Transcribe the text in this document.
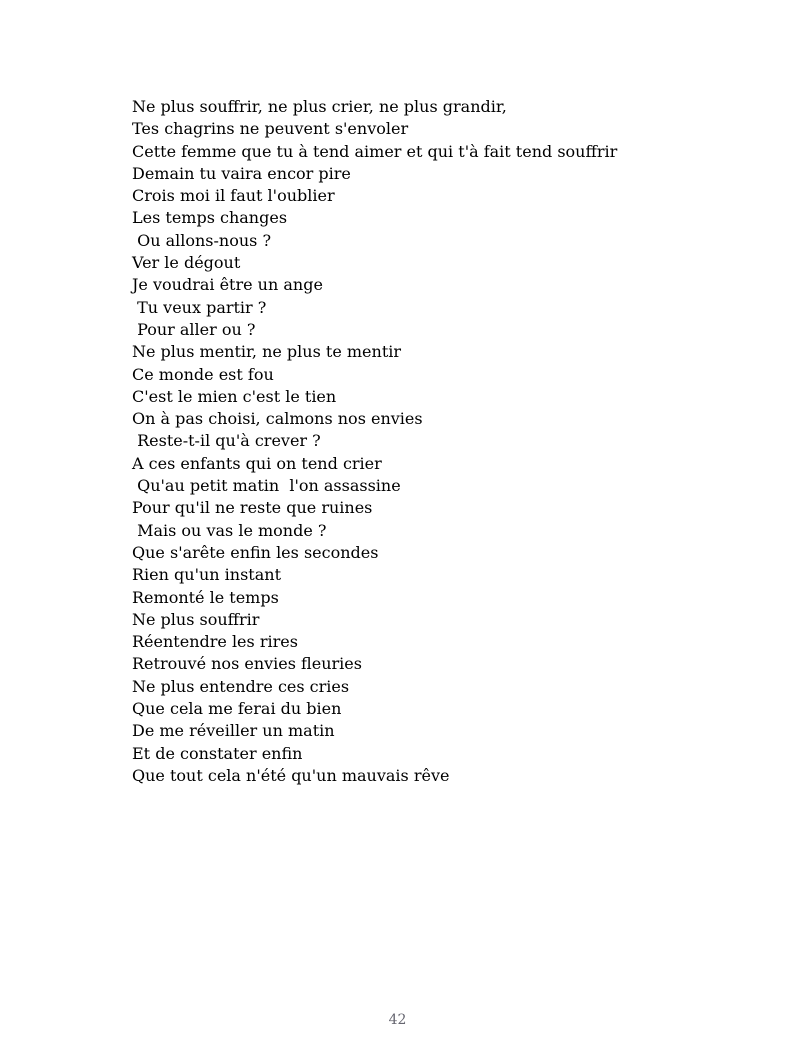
Ne plus souffrir, ne plus crier, ne plus grandir,
Tes chagrins ne peuvent s'envoler
Cette femme que tu à tend aimer et qui t'à fait tend souffrir
Demain tu vaira encor pire
Crois moi il faut l'oublier
Les temps changes
Ou allons-nous ?
Ver le dégout
Je voudrai être un ange
Tu veux partir ?
Pour aller ou ?
Ne plus mentir, ne plus te mentir
Ce monde est fou
C'est le mien c'est le tien
On à pas choisi, calmons nos envies
Reste-t-il qu'à crever ?
A ces enfants qui on tend crier
Qu'au petit matin  l'on assassine
Pour qu'il ne reste que ruines
Mais ou vas le monde ?
Que s'arête enfin les secondes
Rien qu'un instant
Remonté le temps
Ne plus souffrir
Réentendre les rires
Retrouvé nos envies fleuries
Ne plus entendre ces cries
Que cela me ferai du bien
De me réveiller un matin
Et de constater enfin
Que tout cela n'été qu'un mauvais rêve
42
